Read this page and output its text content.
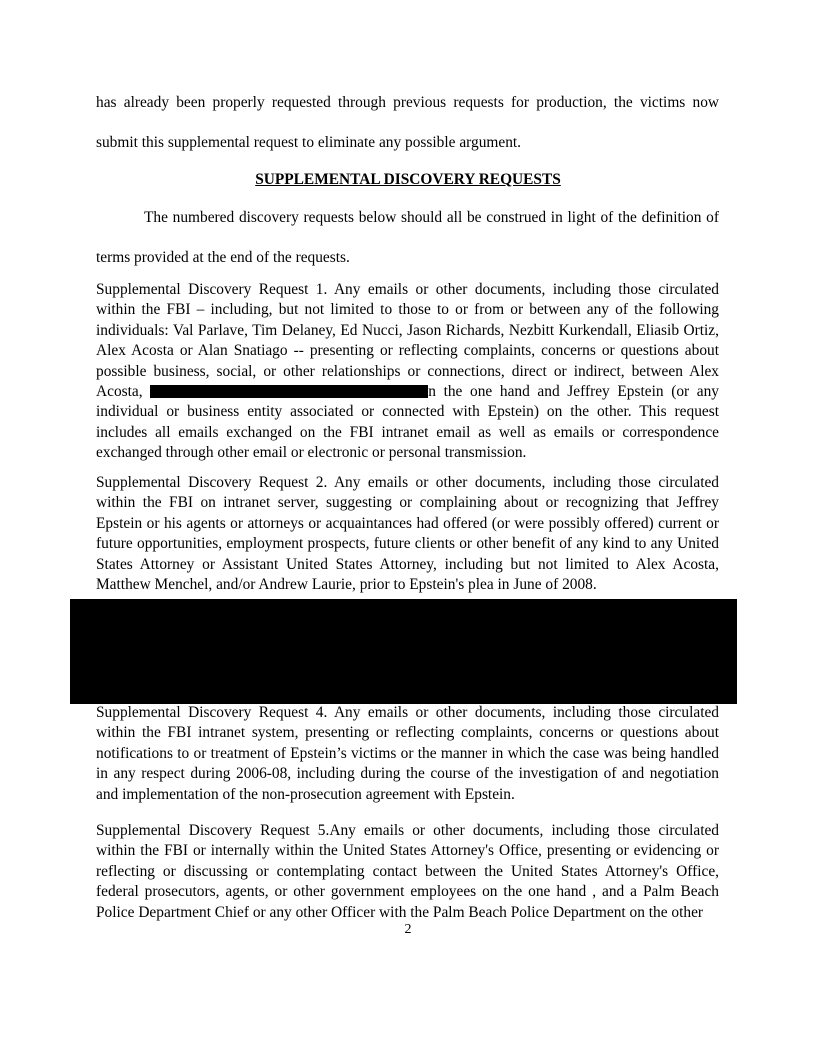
has already been properly requested through previous requests for production, the victims now submit this supplemental request to eliminate any possible argument.
SUPPLEMENTAL DISCOVERY REQUESTS
The numbered discovery requests below should all be construed in light of the definition of terms provided at the end of the requests.
Supplemental Discovery Request 1. Any emails or other documents, including those circulated within the FBI – including, but not limited to those to or from or between any of the following individuals: Val Parlave, Tim Delaney, Ed Nucci, Jason Richards, Nezbitt Kurkendall, Eliasib Ortiz, Alex Acosta or Alan Snatiago -- presenting or reflecting complaints, concerns or questions about possible business, social, or other relationships or connections, direct or indirect, between Alex Acosta,	n the one hand and Jeffrey Epstein (or any individual or business entity associated or connected with Epstein) on the other. This request includes all emails exchanged on the FBI intranet email as well as emails or correspondence exchanged through other email or electronic or personal transmission.
Supplemental Discovery Request 2. Any emails or other documents, including those circulated within the FBI on intranet server, suggesting or complaining about or recognizing that Jeffrey Epstein or his agents or attorneys or acquaintances had offered (or were possibly offered) current or future opportunities, employment prospects, future clients or other benefit of any kind to any United States Attorney or Assistant United States Attorney, including but not limited to Alex Acosta, Matthew Menchel, and/or Andrew Laurie, prior to Epstein's plea in June of 2008.
Supplemental Discovery Request 4. Any emails or other documents, including those circulated within the FBI intranet system, presenting or reflecting complaints, concerns or questions about notifications to or treatment of Epstein’s victims or the manner in which the case was being handled in any respect during 2006-08, including during the course of the investigation of and negotiation and implementation of the non-prosecution agreement with Epstein.
Supplemental Discovery Request 5.Any emails or other documents, including those circulated within the FBI or internally within the United States Attorney's Office, presenting or evidencing or reflecting or discussing or contemplating contact between the United States Attorney's Office, federal prosecutors, agents, or other government employees on the one hand , and a Palm Beach Police Department Chief or any other Officer with the Palm Beach Police Department on the other
2
